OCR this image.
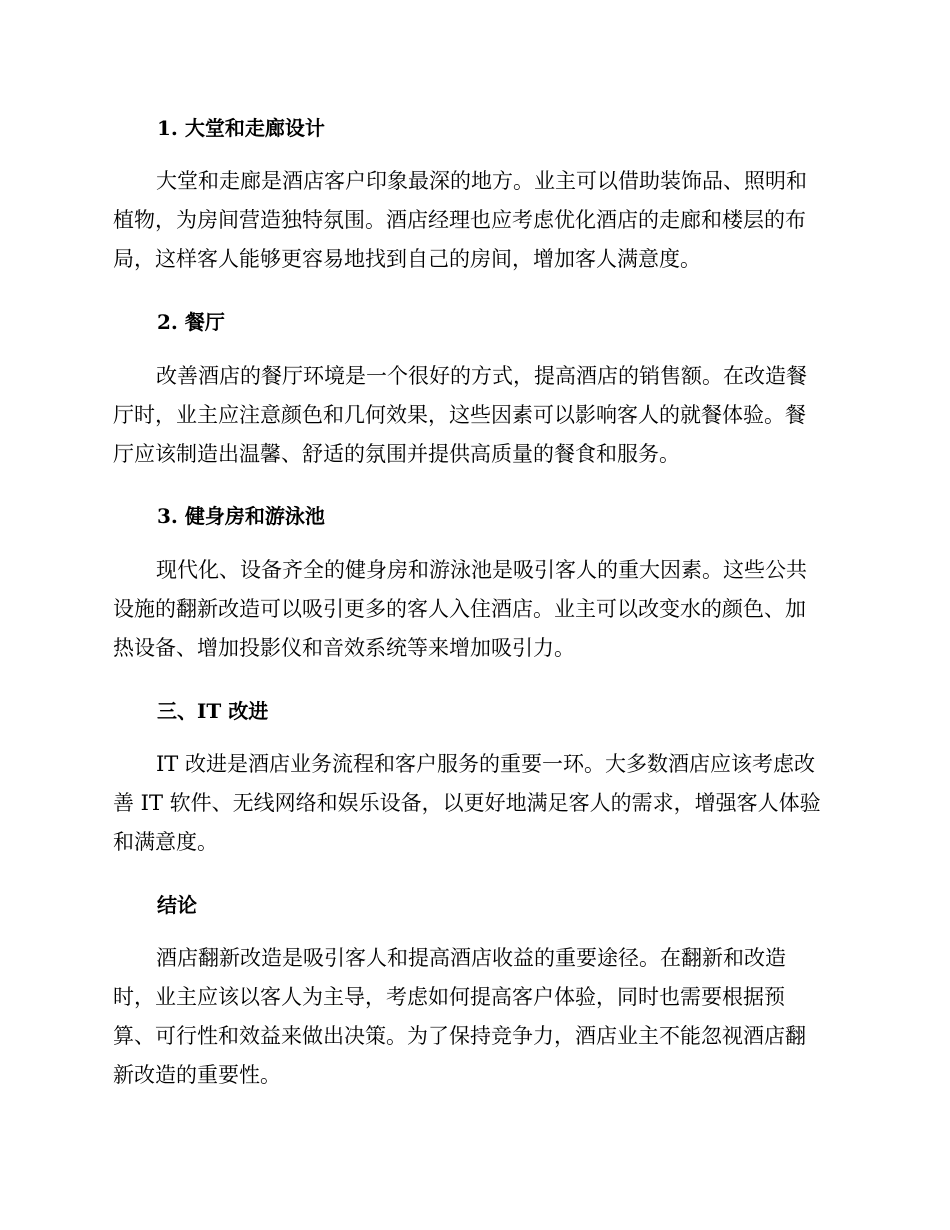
1. 大堂和走廊设计
大堂和走廊是酒店客户印象最深的地方。业主可以借助装饰品、照明和
植物，为房间营造独特氛围。酒店经理也应考虑优化酒店的走廊和楼层的布
局，这样客人能够更容易地找到自己的房间，增加客人满意度。
2. 餐厅
改善酒店的餐厅环境是一个很好的方式，提高酒店的销售额。在改造餐
厅时，业主应注意颜色和几何效果，这些因素可以影响客人的就餐体验。餐
厅应该制造出温馨、舒适的氛围并提供高质量的餐食和服务。
3. 健身房和游泳池
现代化、设备齐全的健身房和游泳池是吸引客人的重大因素。这些公共
设施的翻新改造可以吸引更多的客人入住酒店。业主可以改变水的颜色、加
热设备、增加投影仪和音效系统等来增加吸引力。
三、IT 改进
IT 改进是酒店业务流程和客户服务的重要一环。大多数酒店应该考虑改
善 IT 软件、无线网络和娱乐设备，以更好地满足客人的需求，增强客人体验
和满意度。
结论
酒店翻新改造是吸引客人和提高酒店收益的重要途径。在翻新和改造
时，业主应该以客人为主导，考虑如何提高客户体验，同时也需要根据预
算、可行性和效益来做出决策。为了保持竞争力，酒店业主不能忽视酒店翻
新改造的重要性。
